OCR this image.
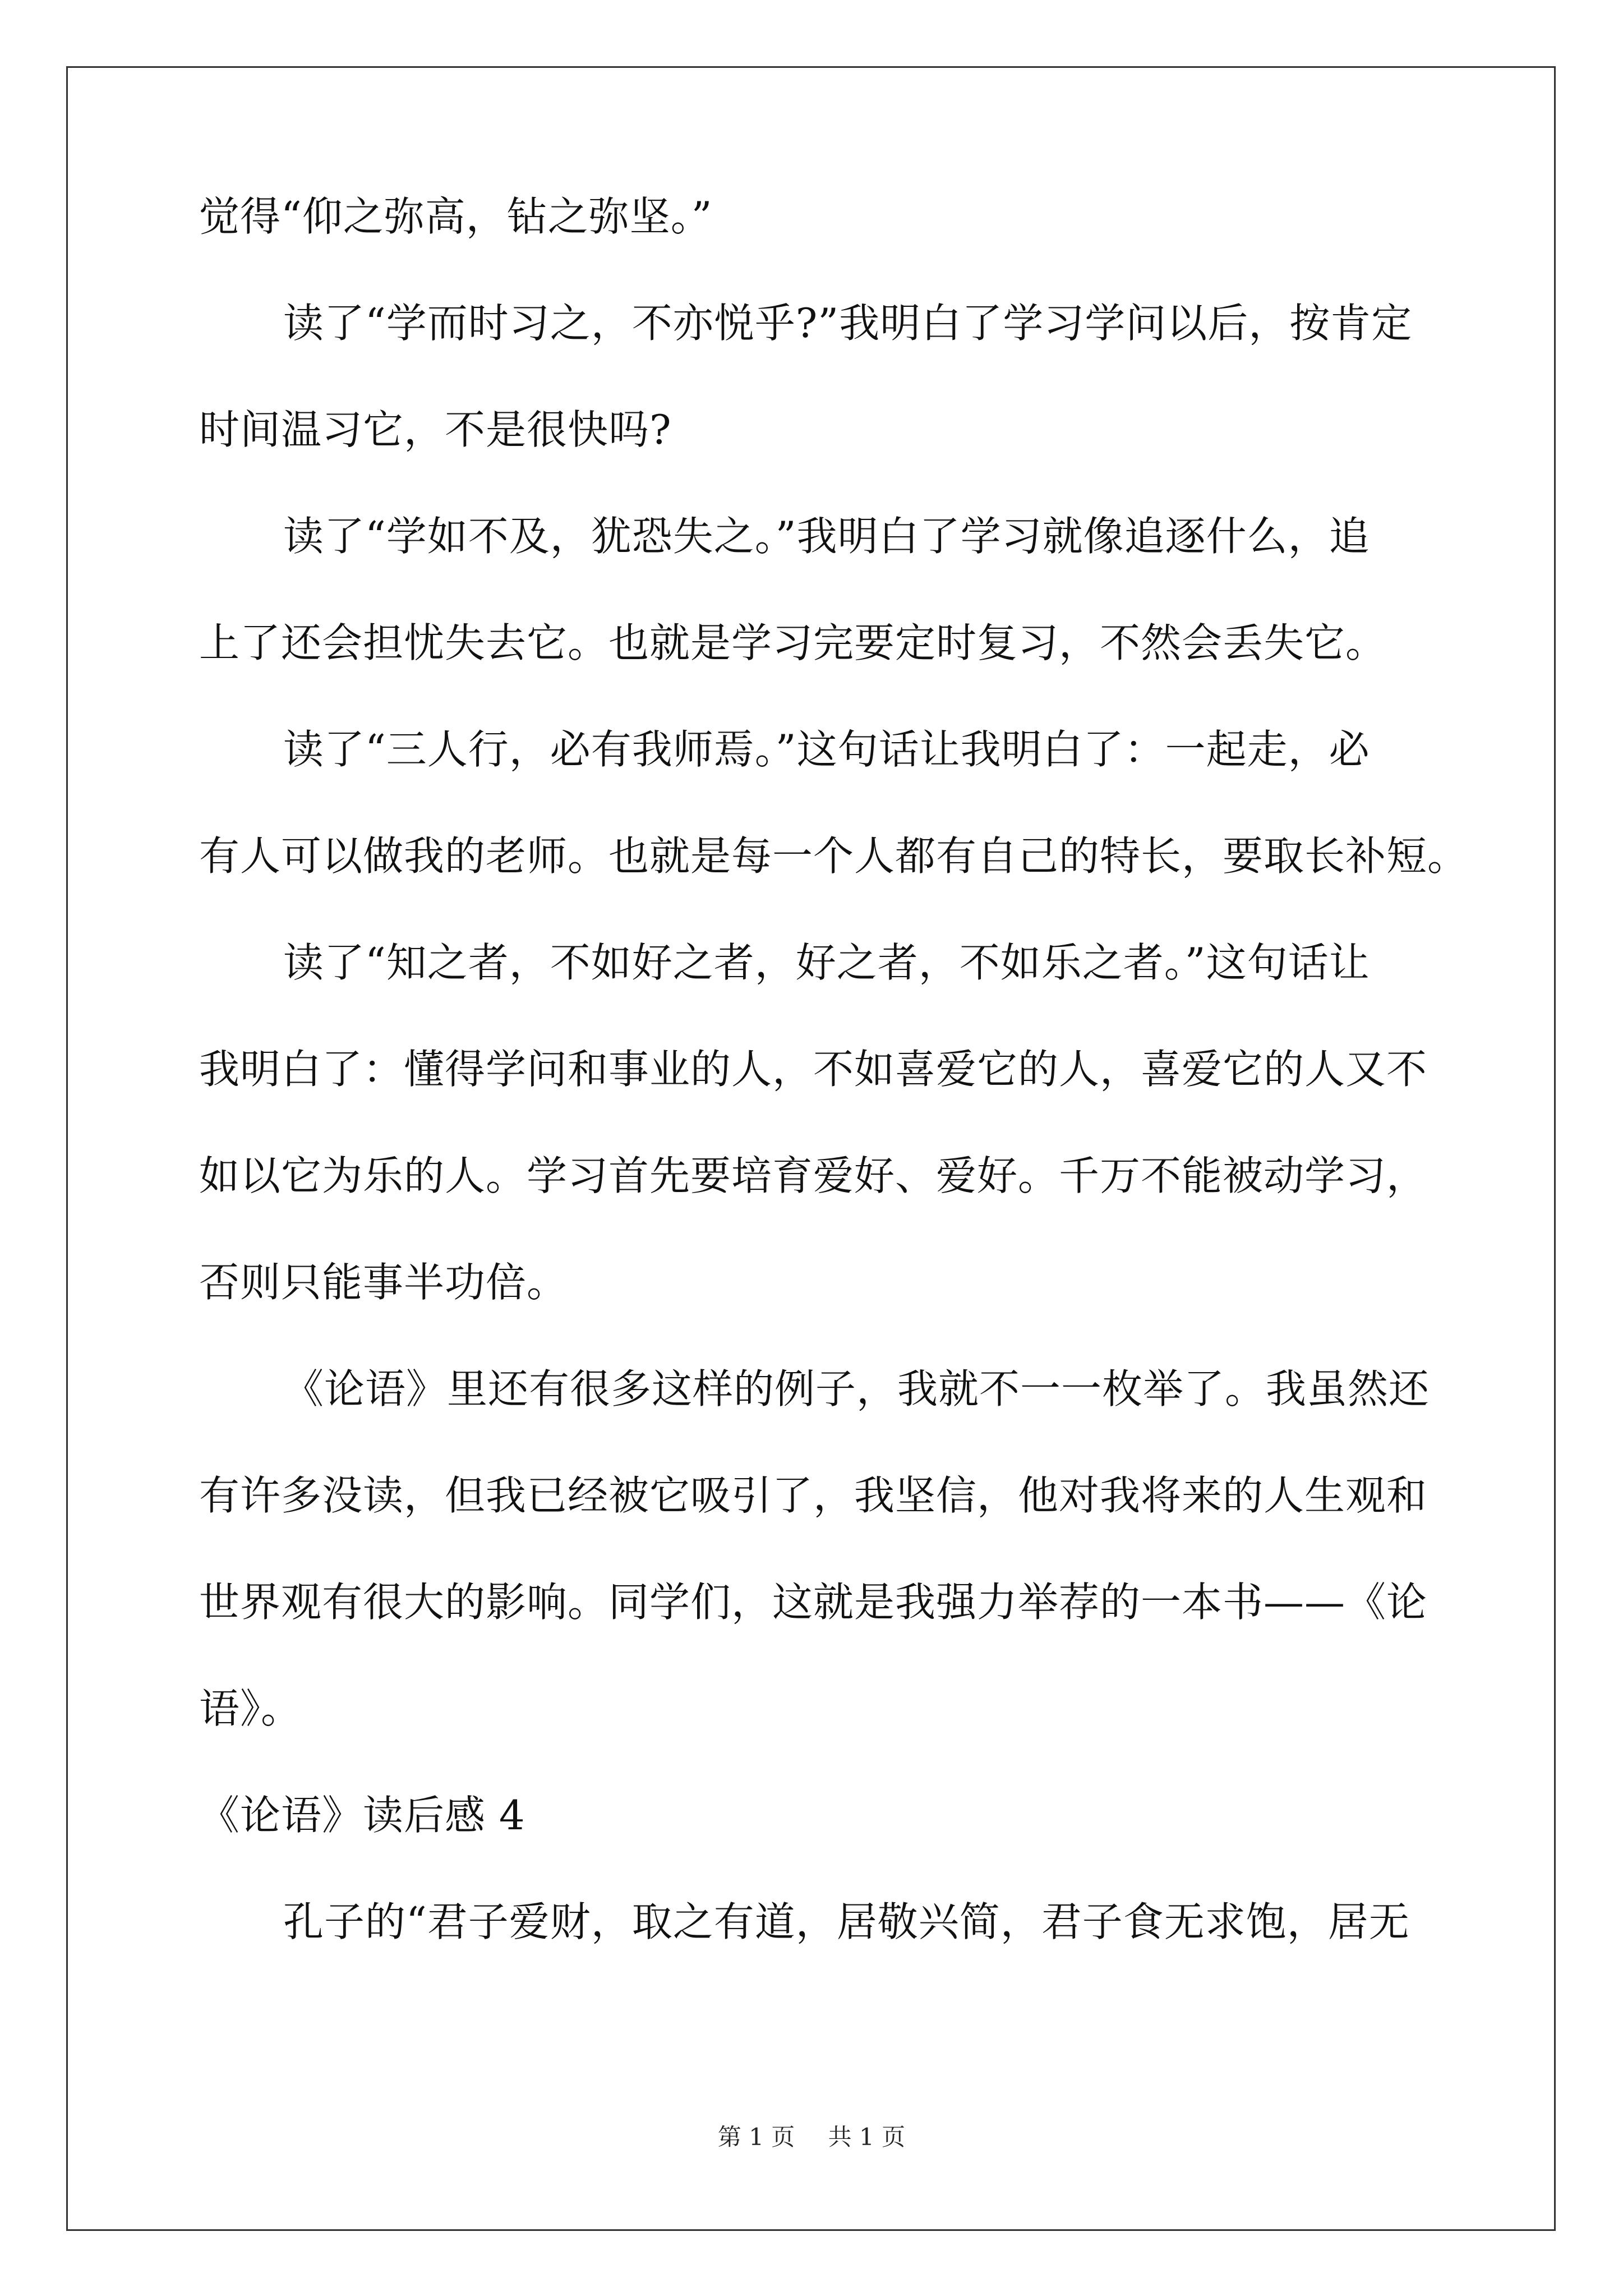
觉得“仰之弥高，钻之弥坚。”
读了“学而时习之，不亦悦乎?”我明白了学习学问以后，按肯定
时间温习它，不是很快吗?
读了“学如不及，犹恐失之。”我明白了学习就像追逐什么，追
上了还会担忧失去它。也就是学习完要定时复习，不然会丢失它。
读了“三人行，必有我师焉。”这句话让我明白了：一起走，必
有人可以做我的老师。也就是每一个人都有自己的特长，要取长补短。
读了“知之者，不如好之者，好之者，不如乐之者。”这句话让
我明白了：懂得学问和事业的人，不如喜爱它的人，喜爱它的人又不
如以它为乐的人。学习首先要培育爱好、爱好。千万不能被动学习，
否则只能事半功倍。
《论语》里还有很多这样的例子，我就不一一枚举了。我虽然还
有许多没读，但我已经被它吸引了，我坚信，他对我将来的人生观和
世界观有很大的影响。同学们，这就是我强力举荐的一本书——《论
语》。
《论语》读后感 4
孔子的“君子爱财，取之有道，居敬兴简，君子食无求饱，居无
第 1 页 共 1 页
